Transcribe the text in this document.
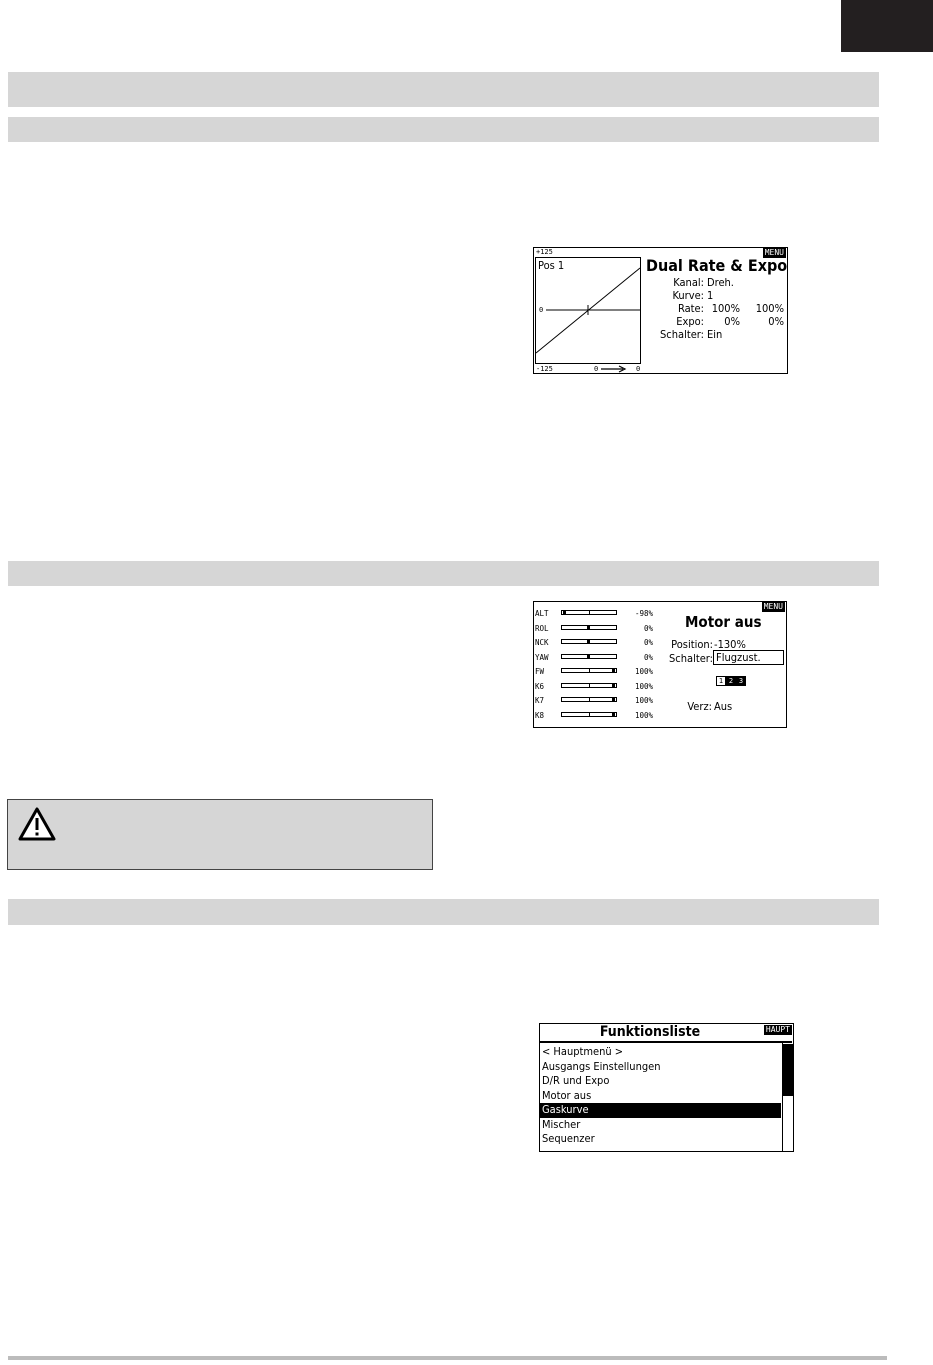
+125
-125	0	0
Pos 1
0
MENU
Dual Rate & Expo
Kanal: Dreh.
Kurve: 1
Rate: 100% 100%
Expo: 0%	0%
Schalter: Ein
ALT	-98%
ROL	0%
NCK	0%
YAW	0%
FW	100%
K6	100%
K7	100%
K8	100%
MENU
Motor aus
Position: -130%
Schalter: Flugzust.
1 2 3
Verz: Aus
Funktionsliste	HAUPT
< Hauptmenü >
Ausgangs Einstellungen
D/R und Expo
Motor aus
Gaskurve
Mischer
Sequenzer
